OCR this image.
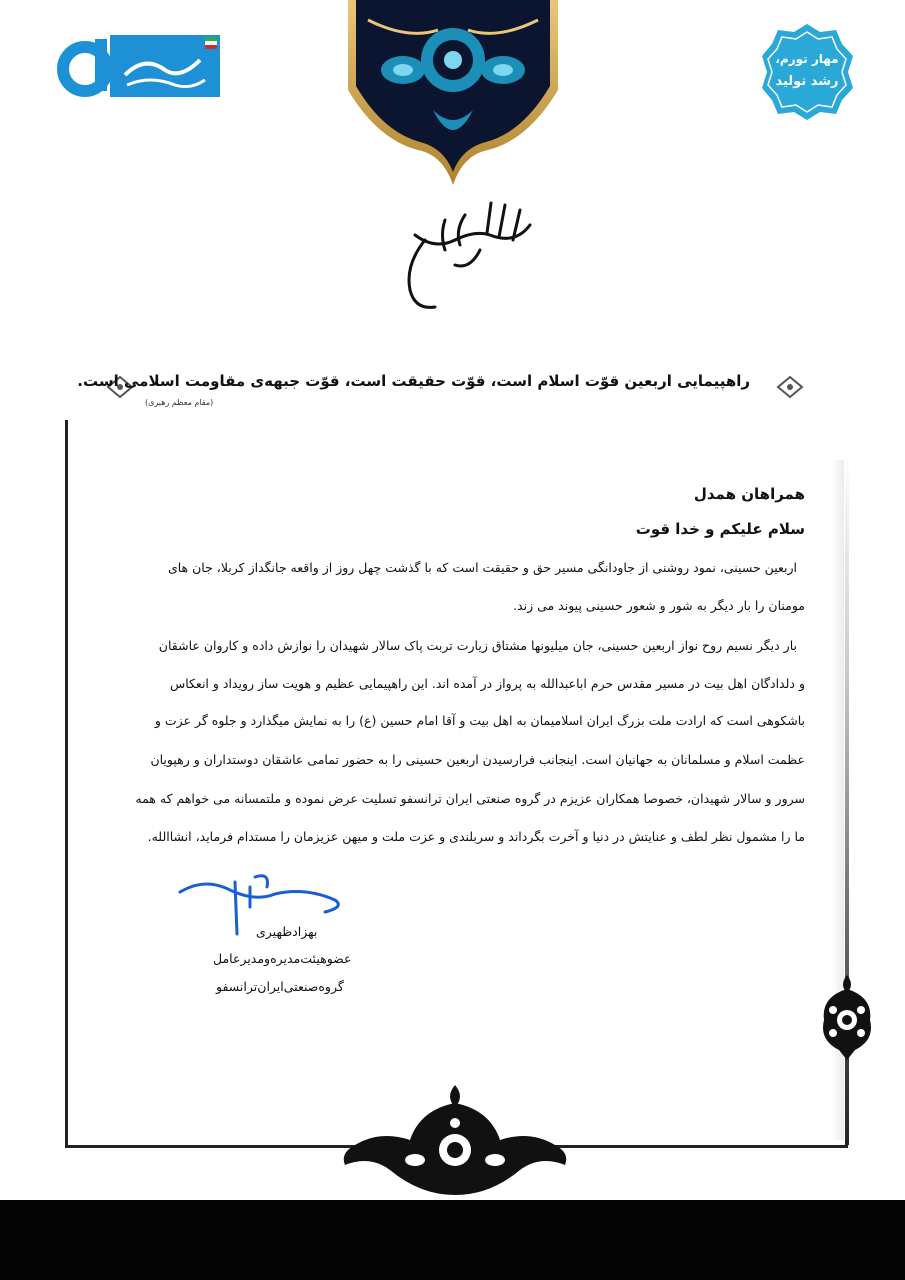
مهار تورم،
رشد تولید
راهپیمایی اربعین قوّت اسلام است، قوّت حقیقت است، قوّت جبهه‌ی مقاومت اسلامی است.
(مقام معظم رهبری)
همراهان همدل
سلام علیکم و خدا قوت
اربعین حسینی، نمود روشنی از جاودانگی مسیر حق و حقیقت است که با گذشت چهل روز از واقعه جانگداز کربلا، جان های
مومنان را بار دیگر به شور و شعور حسینی پیوند می زند.
بار دیگر نسیم روح نواز اربعین حسینی، جان میلیونها مشتاق زیارت تربت پاک سالار شهیدان را نوازش داده و کاروان عاشقان
و دلدادگان اهل بیت در مسیر مقدس حرم اباعبدالله به پرواز در آمده اند. این راهپیمایی عظیم و هویت ساز رویداد و انعکاس
باشکوهی است که ارادت ملت بزرگ ایران اسلامیمان به اهل بیت و آقا امام حسین (ع) را به نمایش میگذارد و جلوه گر عزت و
عظمت اسلام و مسلمانان به جهانیان است. اینجانب فرارسیدن اربعین حسینی را به حضور تمامی عاشقان دوستداران و رهپویان
سرور و سالار شهیدان، خصوصا همکاران عزیزم در گروه صنعتی ایران ترانسفو تسلیت عرض نموده و ملتمسانه می خواهم که همه
ما را مشمول نظر لطف و عنایتش در دنیا و آخرت بگرداند و سربلندی و عزت ملت و میهن عزیزمان را مستدام فرماید، انشاالله.
بهزادظهیری
عضوهیئت‌مدیره‌ومدیرعامل
گروه‌صنعتی‌ایران‌ترانسفو
